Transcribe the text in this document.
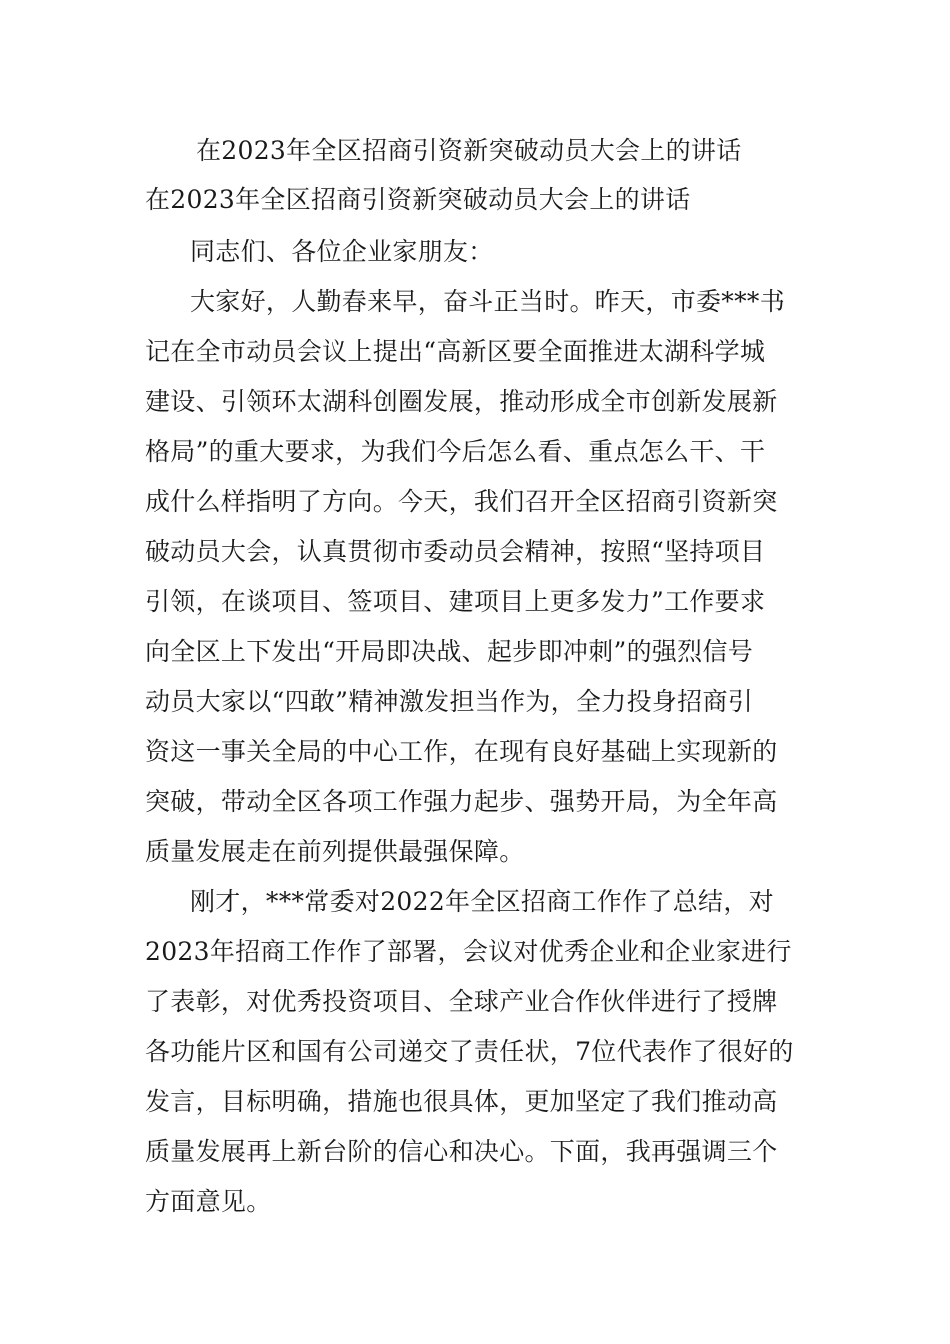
在2023年全区招商引资新突破动员大会上的讲话
在2023年全区招商引资新突破动员大会上的讲话
同志们、各位企业家朋友：
大家好，人勤春来早，奋斗正当时。昨天，市委***书
记在全市动员会议上提出“高新区要全面推进太湖科学城
建设、引领环太湖科创圈发展，推动形成全市创新发展新
格局”的重大要求，为我们今后怎么看、重点怎么干、干
成什么样指明了方向。今天，我们召开全区招商引资新突
破动员大会，认真贯彻市委动员会精神，按照“坚持项目
引领，在谈项目、签项目、建项目上更多发力”工作要求
向全区上下发出“开局即决战、起步即冲刺”的强烈信号
动员大家以“四敢”精神激发担当作为，全力投身招商引
资这一事关全局的中心工作，在现有良好基础上实现新的
突破，带动全区各项工作强力起步、强势开局，为全年高
质量发展走在前列提供最强保障。
刚才，***常委对2022年全区招商工作作了总结，对
2023年招商工作作了部署，会议对优秀企业和企业家进行
了表彰，对优秀投资项目、全球产业合作伙伴进行了授牌
各功能片区和国有公司递交了责任状，7位代表作了很好的
发言，目标明确，措施也很具体，更加坚定了我们推动高
质量发展再上新台阶的信心和决心。下面，我再强调三个
方面意见。
